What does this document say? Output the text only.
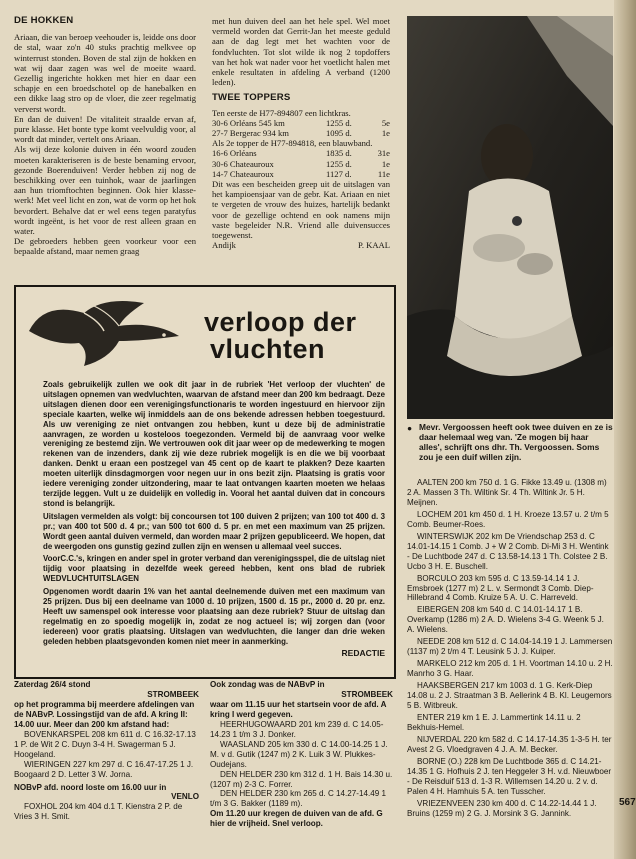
DE HOKKEN

Ariaan, die van beroep veehouder is, leidde ons door de stal, waar zo'n 40 stuks prachtig melkvee op winterrust stonden. Boven de stal zijn de hokken en wat wij daar zagen was wel de moeite waard. Gezellig ingerichte hokken met hier en daar een schapje en een broedschotel op de hanebalken en een dikke laag stro op de vloer, die zeer regelmatig ververst wordt.

En dan de duiven! De vitaliteit straalde ervan af, pure klasse. Het bonte type komt veelvuldig voor, al wordt dat minder, vertelt ons Ariaan.

Als wij deze kolonie duiven in één woord zouden moeten karakteriseren is de beste benaming ervoor, gezonde Boerenduiven! Verder hebben zij nog de beschikking over een tuinhok, waar de jaarlingen aan hun triomftochten beginnen. Ook hier klasse-werk! Met veel licht en zon, wat de vorm op het hok bevordert. Behalve dat er wel eens tegen paratyfus wordt ingeënt, is het voor de rest alleen graan en water.

De gebroeders hebben geen voorkeur voor een bepaalde afstand, maar nemen graag

met hun duiven deel aan het hele spel. Wel moet vermeld worden dat Gerrit-Jan het meeste geduld aan de dag legt met het wachten voor de fondvluchten. Tot slot wilde ik nog 2 topdoffers van het hok wat nader voor het voetlicht halen met enkele resultaten in afdeling A verband (1200 leden).

TWEE TOPPERS

Ten eerste de H77-894807 een lichtkras.

30-6 Orléans 545 km	1255 d.	5e
27-7 Bergerac 934 km	1095 d.	1e

Als 2e topper de H77-894818, een blauwband.

16-6 Orléans	1835 d.	31e
30-6 Chateauroux	1255 d.	1e
14-7 Chateauroux	1127 d.	11e

Dit was een bescheiden greep uit de uitslagen van het kampioensjaar van de gebr. Kat. Ariaan en niet te vergeten de vrouw des huizes, hartelijk bedankt voor de gezellige ochtend en ook namens mijn vaste begeleider N.R. Vriend alle duivensucces toegewenst.

Andijk	P. KAAL
● Mevr. Vergoossen heeft ook twee duiven en ze is daar helemaal weg van. 'Ze mogen bij haar alles', schrijft ons dhr. Th. Vergoossen. Soms zou je een duif willen zijn.
verloop der
vluchten

Zoals gebruikelijk zullen we ook dit jaar in de rubriek 'Het verloop der vluchten' de uitslagen opnemen van wedvluchten, waarvan de afstand meer dan 200 km bedraagt. Deze uitslagen dienen door een verenigingsfunctionaris te worden ingestuurd en hiervoor zijn speciale kaarten, welke wij inmiddels aan de ons bekende adressen hebben toegestuurd. Als uw vereniging ze niet ontvangen zou hebben, kunt u deze bij de administratie aanvragen, ze worden u kosteloos toegezonden. Vermeld bij de aanvraag voor welke vereniging ze bestemd zijn. We vertrouwen ook dit jaar weer op de medewerking te mogen rekenen van de inzenders, dank zij wie deze rubriek mogelijk is en die we bij voorbaat danken. Denkt u eraan een postzegel van 45 cent op de kaart te plakken? Deze kaarten moeten uiterlijk dinsdagmorgen voor negen uur in ons bezit zijn. Plaatsing is gratis voor iedere vereniging zonder uitzondering, maar te laat ontvangen kaarten moeten we helaas terzijde leggen. Vult u ze duidelijk en volledig in. Vooral het aantal duiven dat in concours stond is belangrijk.

Uitslagen vermelden als volgt: bij concoursen tot 100 duiven 2 prijzen; van 100 tot 400 d. 3 pr.; van 400 tot 500 d. 4 pr.; van 500 tot 600 d. 5 pr. en met een maximum van 25 prijzen. Wordt geen aantal duiven vermeld, dan worden maar 2 prijzen gepubliceerd. We hopen, dat de weergoden ons gunstig gezind zullen zijn en wensen u allemaal veel succes.

VoorC.C.'s, kringen en ander spel in groter verband dan verenigingsspel, die de uitslag niet tijdig voor plaatsing in dezelfde week gereed hebben, kent ons blad de rubriek WEDVLUCHTUITSLAGEN

Opgenomen wordt daarin 1% van het aantal deelnemende duiven met een maximum van 25 prijzen. Dus bij een deelname van 1000 d. 10 prijzen, 1500 d. 15 pr., 2000 d. 20 pr. enz. Heeft uw samenspel ook interesse voor plaatsing aan deze rubriek? Stuur de uitslag dan regelmatig en zo spoedig mogelijk in, zodat ze nog actueel is; wij zorgen dan (voor iedereen) voor gratis plaatsing. Uitslagen van wedvluchten, die langer dan drie weken geleden hebben plaatsgevonden komen niet meer in aanmerking.

REDACTIE

Zaterdag 26/4 stond

STROMBEEK

op het programma bij meerdere afdelingen van de NABvP. Lossingstijd van de afd. A kring II: 14.00 uur. Meer dan 200 km afstand had:

BOVENKARSPEL 208 km 611 d. C 16.32-17.13 1 P. de Wit 2 C. Duyn 3-4 H. Swagerman 5 J. Hoogeland.

WIERINGEN 227 km 297 d. C 16.47-17.25 1 J. Boogaard 2 D. Letter 3 W. Jorna.

NOBvP afd. noord loste om 16.00 uur in

VENLO

FOXHOL 204 km 404 d.1 T. Kienstra 2 P. de Vries 3 H. Smit.

Ook zondag was de NABvP in

STROMBEEK

waar om 11.15 uur het startsein voor de afd. A kring I werd gegeven.

HEERHUGOWAARD 201 km 239 d. C 14.05-14.23 1 t/m 3 J. Donker.

WAASLAND 205 km 330 d. C 14.00-14.25 1 J. M. v d. Gutik (1247 m) 2 K. Luik 3 W. Plukkes-Oudejans.

DEN HELDER 230 km 312 d. 1 H. Bais 14.30 u. (1207 m) 2-3 C. Forrer.

DEN HELDER 230 km 265 d. C 14.27-14.49 1 t/m 3 G. Bakker (1189 m).

Om 11.20 uur kregen de duiven van de afd. G hier de vrijheid. Snel verloop.

AALTEN 200 km 750 d. 1 G. Fikke 13.49 u. (1308 m) 2 A. Massen 3 Th. Wiltink Sr. 4 Th. Wiltink Jr. 5 H. Meijnen.

LOCHEM 201 km 450 d. 1 H. Kroeze 13.57 u. 2 t/m 5 Comb. Beumer-Roes.

WINTERSWIJK 202 km De Vriendschap 253 d. C 14.01-14.15 1 Comb. J + W 2 Comb. Di-Mi 3 H. Wentink - De Luchtbode 247 d. C 13.58-14.13 1 Th. Colstee 2 B. Ucbo 3 H. E. Buschell.

BORCULO 203 km 595 d. C 13.59-14.14 1 J. Emsbroek (1277 m) 2 L. v. Sermondt 3 Comb. Diep-Hillebrand 4 Comb. Kruize 5 A. U. C. Harreveld.

EIBERGEN 208 km 540 d. C 14.01-14.17 1 B. Overkamp (1286 m) 2 A. D. Wielens 3-4 G. Weenk 5 J. A. Wielens.

NEEDE 208 km 512 d. C 14.04-14.19 1 J. Lammersen (1137 m) 2 t/m 4 T. Leusink 5 J. J. Kuiper.

MARKELO 212 km 205 d. 1 H. Voortman 14.10 u. 2 H. Manrho 3 G. Haar.

HAAKSBERGEN 217 km 1003 d. 1 G. Kerk-Diep 14.08 u. 2 J. Straatman 3 B. Aellerink 4 B. Kl. Leugemors 5 B. Witbreuk.

ENTER 219 km 1 E. J. Lammertink 14.11 u. 2 Bekhuis-Hemel.

NIJVERDAL 220 km 582 d. C 14.17-14.35 1-3-5 H. ter Avest 2 G. Vloedgraven 4 J. A. M. Becker.

BORNE (O.) 228 km De Luchtbode 365 d. C 14.21-14.35 1 G. Hofhuis 2 J. ten Heggeler 3 H. v.d. Nieuwboer - De Reisduif 513 d. 1-3 R. Willemsen 14.20 u. 2 v. d. Palen 4 H. Hamhuis 5 A. ten Tusscher.

VRIEZENVEEN 230 km 400 d. C 14.22-14.44 1 J. Bruins (1259 m) 2 G. J. Morsink 3 G. Jannink.

567
